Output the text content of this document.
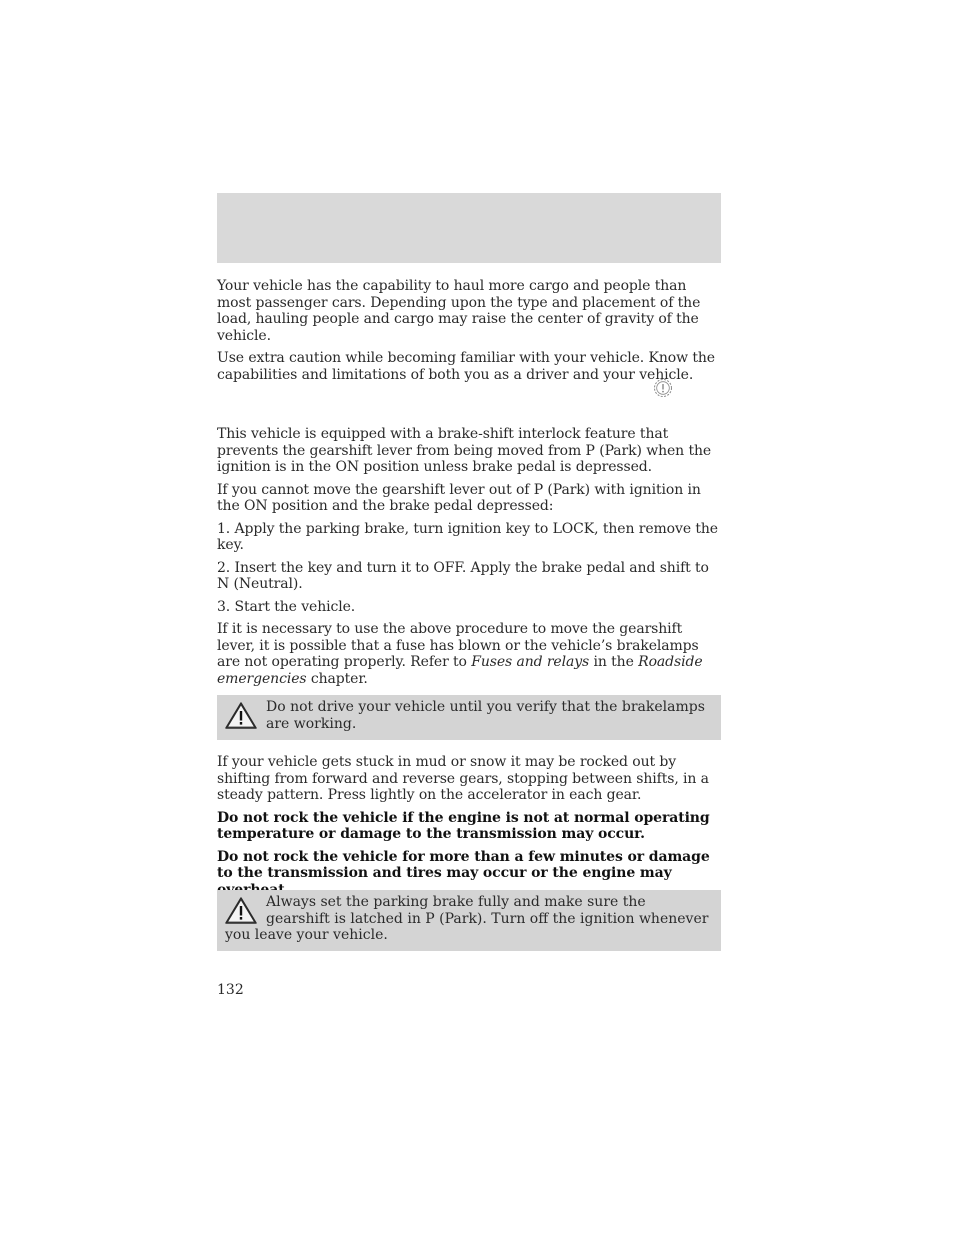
Your vehicle has the capability to haul more cargo and people than most passenger cars. Depending upon the type and placement of the load, hauling people and cargo may raise the center of gravity of the vehicle.

Use extra caution while becoming familiar with your vehicle. Know the capabilities and limitations of both you as a driver and your vehicle.

This vehicle is equipped with a brake-shift interlock feature that prevents the gearshift lever from being moved from P (Park) when the ignition is in the ON position unless brake pedal is depressed.

If you cannot move the gearshift lever out of P (Park) with ignition in the ON position and the brake pedal depressed:

1. Apply the parking brake, turn ignition key to LOCK, then remove the key.

2. Insert the key and turn it to OFF. Apply the brake pedal and shift to N (Neutral).

3. Start the vehicle.

If it is necessary to use the above procedure to move the gearshift lever, it is possible that a fuse has blown or the vehicle’s brakelamps are not operating properly. Refer to Fuses and relays in the Roadside emergencies chapter.

Do not drive your vehicle until you verify that the brakelamps are working.

If your vehicle gets stuck in mud or snow it may be rocked out by shifting from forward and reverse gears, stopping between shifts, in a steady pattern. Press lightly on the accelerator in each gear.

Do not rock the vehicle if the engine is not at normal operating temperature or damage to the transmission may occur.

Do not rock the vehicle for more than a few minutes or damage to the transmission and tires may occur or the engine may

Always set the parking brake fully and make sure the gearshift is latched in P (Park). Turn off the ignition whenever you leave your vehicle.
132
